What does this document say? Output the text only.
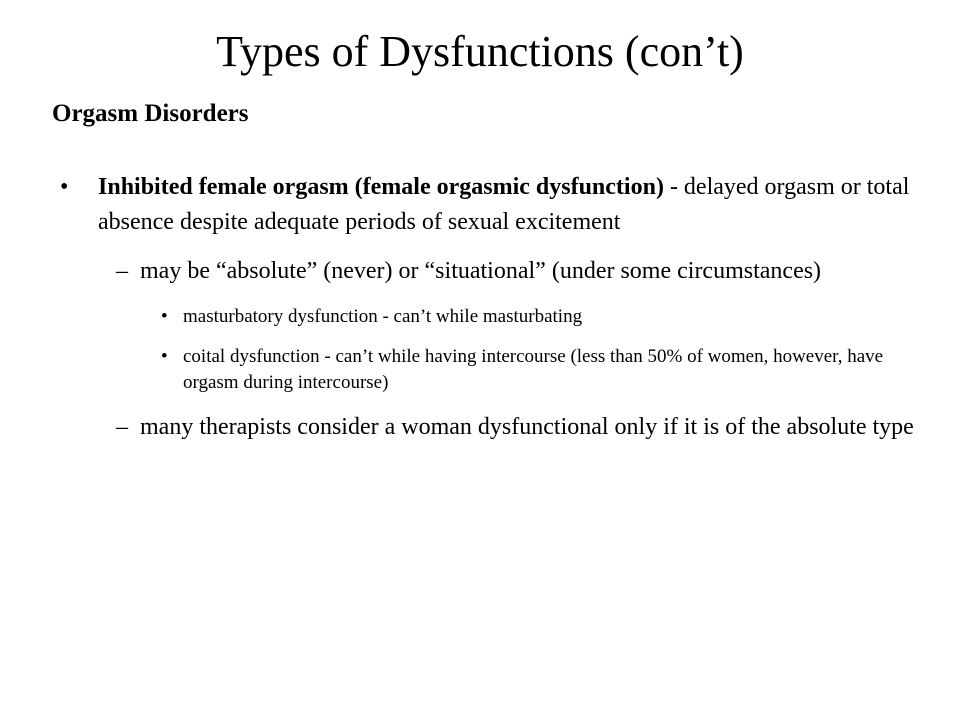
Types of Dysfunctions (con’t)
Orgasm Disorders
• Inhibited female orgasm (female orgasmic dysfunction) - delayed orgasm or total absence despite adequate periods of sexual excitement
– may be “absolute” (never) or “situational” (under some circumstances)
• masturbatory dysfunction - can’t while masturbating
• coital dysfunction - can’t while having intercourse (less than 50% of women, however, have orgasm during intercourse)
– many therapists consider a woman dysfunctional only if it is of the absolute type
